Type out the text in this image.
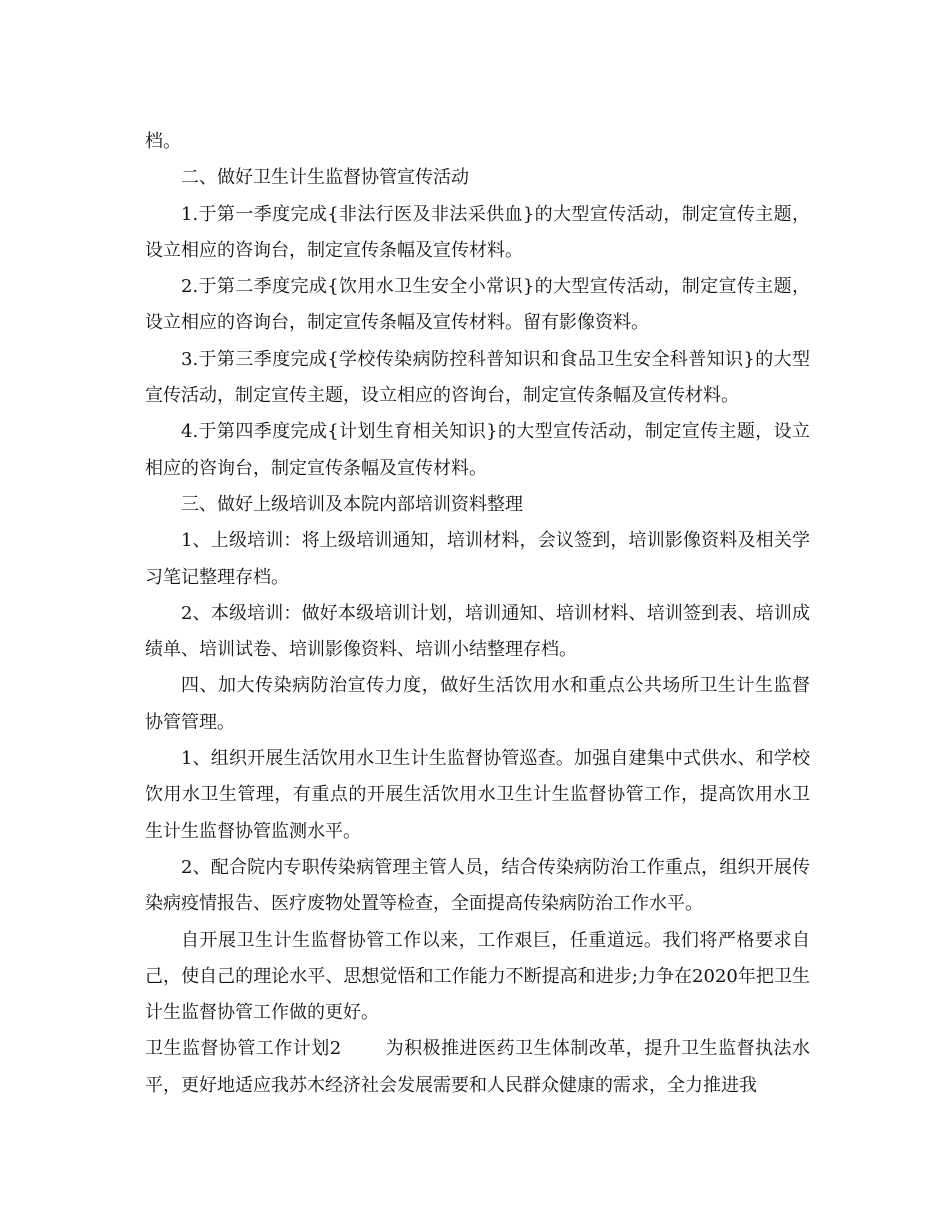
档。

二、做好卫生计生监督协管宣传活动

1.于第一季度完成{非法行医及非法采供血}的大型宣传活动，制定宣传主题，设立相应的咨询台，制定宣传条幅及宣传材料。

2.于第二季度完成{饮用水卫生安全小常识}的大型宣传活动，制定宣传主题，设立相应的咨询台，制定宣传条幅及宣传材料。留有影像资料。

3.于第三季度完成{学校传染病防控科普知识和食品卫生安全科普知识}的大型宣传活动，制定宣传主题，设立相应的咨询台，制定宣传条幅及宣传材料。

4.于第四季度完成{计划生育相关知识}的大型宣传活动，制定宣传主题，设立相应的咨询台，制定宣传条幅及宣传材料。

三、做好上级培训及本院内部培训资料整理

1、上级培训：将上级培训通知，培训材料，会议签到，培训影像资料及相关学习笔记整理存档。

2、本级培训：做好本级培训计划，培训通知、培训材料、培训签到表、培训成绩单、培训试卷、培训影像资料、培训小结整理存档。

四、加大传染病防治宣传力度，做好生活饮用水和重点公共场所卫生计生监督协管管理。

1、组织开展生活饮用水卫生计生监督协管巡查。加强自建集中式供水、和学校饮用水卫生管理，有重点的开展生活饮用水卫生计生监督协管工作，提高饮用水卫生计生监督协管监测水平。

2、配合院内专职传染病管理主管人员，结合传染病防治工作重点，组织开展传染病疫情报告、医疗废物处置等检查，全面提高传染病防治工作水平。

自开展卫生计生监督协管工作以来，工作艰巨，任重道远。我们将严格要求自己，使自己的理论水平、思想觉悟和工作能力不断提高和进步;力争在2020年把卫生计生监督协管工作做的更好。

卫生监督协管工作计划2 为积极推进医药卫生体制改革，提升卫生监督执法水平，更好地适应我苏木经济社会发展需要和人民群众健康的需求，全力推进我
